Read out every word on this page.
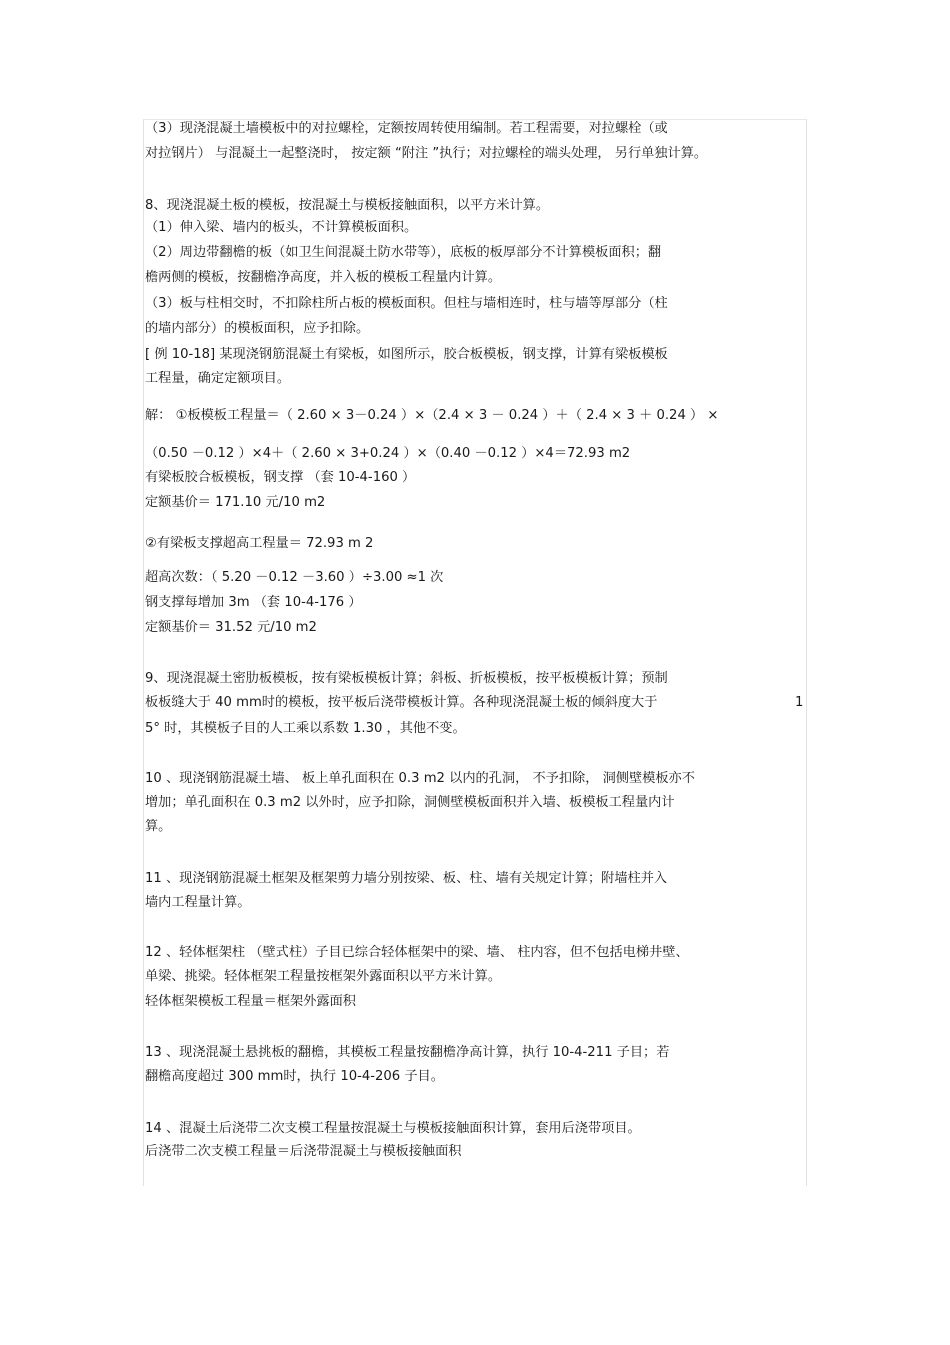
（3）现浇混凝土墙模板中的对拉螺栓，定额按周转使用编制。若工程需要，对拉螺栓（或

对拉钢片） 与混凝土一起整浇时， 按定额 “附注 ”执行；对拉螺栓的端头处理， 另行单独计算。

8、现浇混凝土板的模板，按混凝土与模板接触面积，以平方米计算。

（1）伸入梁、墙内的板头，不计算模板面积。

（2）周边带翻檐的板（如卫生间混凝土防水带等），底板的板厚部分不计算模板面积；翻

檐两侧的模板，按翻檐净高度，并入板的模板工程量内计算。

（3）板与柱相交时，不扣除柱所占板的模板面积。但柱与墙相连时，柱与墙等厚部分（柱

的墙内部分）的模板面积，应予扣除。

[ 例 10-18] 某现浇钢筋混凝土有梁板，如图所示，胶合板模板，钢支撑，计算有梁板模板

工程量，确定定额项目。

解： ①板模板工程量＝（ 2.60 × 3－0.24 ）×（2.4 × 3 － 0.24 ）＋（ 2.4 × 3 ＋ 0.24 ） ×

（0.50 －0.12 ）×4＋（ 2.60 × 3+0.24 ）×（0.40 －0.12 ）×4＝72.93 m2

有梁板胶合板模板，钢支撑 （套 10-4-160 ）

定额基价＝ 171.10 元/10 m2

②有梁板支撑超高工程量＝ 72.93 m 2

超高次数：（ 5.20 －0.12 －3.60 ）÷3.00 ≈1 次

钢支撑每增加 3m （套 10-4-176 ）

定额基价＝ 31.52 元/10 m2

9、现浇混凝土密肋板模板，按有梁板模板计算；斜板、折板模板，按平板模板计算；预制

板板缝大于 40 mm时的模板，按平板后浇带模板计算。各种现浇混凝土板的倾斜度大于	1

5° 时，其模板子目的人工乘以系数 1.30 ，其他不变。

10 、现浇钢筋混凝土墙、 板上单孔面积在 0.3 m2 以内的孔洞， 不予扣除， 洞侧壁模板亦不

增加；单孔面积在 0.3 m2 以外时，应予扣除，洞侧壁模板面积并入墙、板模板工程量内计

算。

11 、现浇钢筋混凝土框架及框架剪力墙分别按梁、板、柱、墙有关规定计算；附墙柱并入

墙内工程量计算。

12 、轻体框架柱 （壁式柱）子目已综合轻体框架中的梁、墙、 柱内容，但不包括电梯井壁、

单梁、挑梁。轻体框架工程量按框架外露面积以平方米计算。

轻体框架模板工程量＝框架外露面积

13 、现浇混凝土悬挑板的翻檐，其模板工程量按翻檐净高计算，执行 10-4-211 子目；若

翻檐高度超过 300 mm时，执行 10-4-206 子目。

14 、混凝土后浇带二次支模工程量按混凝土与模板接触面积计算，套用后浇带项目。

后浇带二次支模工程量＝后浇带混凝土与模板接触面积
